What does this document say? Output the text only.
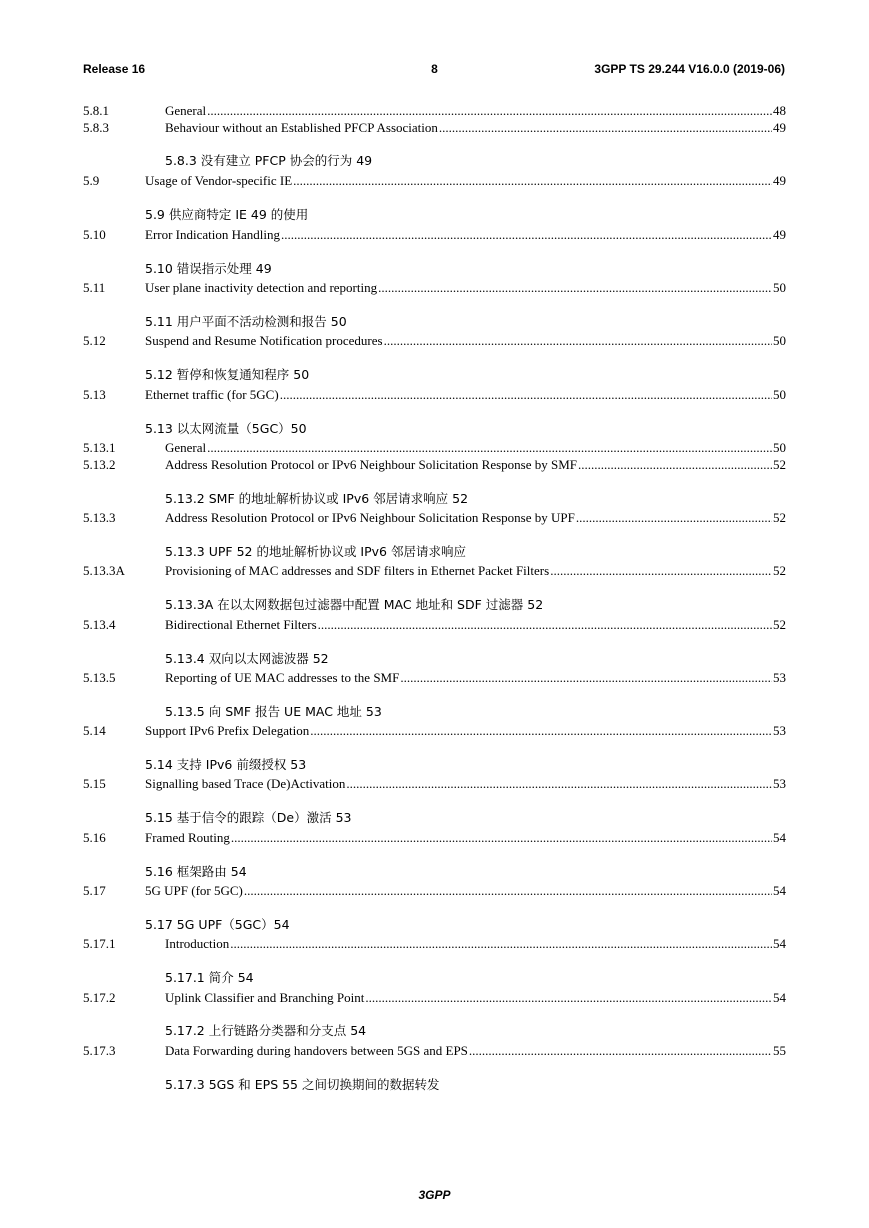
Release 16	8	3GPP TS 29.244 V16.0.0 (2019-06)
5.8.1	General .....	48
5.8.3	Behaviour without an Established PFCP Association .....	49
5.8.3 没有建立 PFCP 协会的行为 49
5.9	Usage of Vendor-specific IE .....	49
5.9 供应商特定 IE 49 的使用
5.10	Error Indication Handling .....	49
5.10 错误指示处理 49
5.11	User plane inactivity detection and reporting .....	50
5.11 用户平面不活动检测和报告 50
5.12	Suspend and Resume Notification procedures .....	50
5.12 暂停和恢复通知程序 50
5.13	Ethernet traffic (for 5GC) .....	50
5.13 以太网流量（5GC）50
5.13.1	General .....	50
5.13.2	Address Resolution Protocol or IPv6 Neighbour Solicitation Response by SMF .....	52
5.13.2 SMF 的地址解析协议或 IPv6 邻居请求响应 52
5.13.3	Address Resolution Protocol or IPv6 Neighbour Solicitation Response by UPF .....	52
5.13.3 UPF 52 的地址解析协议或 IPv6 邻居请求响应
5.13.3A	Provisioning of MAC addresses and SDF filters in Ethernet Packet Filters .....	52
5.13.3A 在以太网数据包过滤器中配置 MAC 地址和 SDF 过滤器 52
5.13.4	Bidirectional Ethernet Filters .....	52
5.13.4 双向以太网滤波器 52
5.13.5	Reporting of UE MAC addresses to the SMF .....	53
5.13.5 向 SMF 报告 UE MAC 地址 53
5.14	Support IPv6 Prefix Delegation .....	53
5.14 支持 IPv6 前缀授权 53
5.15	Signalling based Trace (De)Activation .....	53
5.15 基于信令的跟踪（De）激活 53
5.16	Framed Routing .....	54
5.16 框架路由 54
5.17	5G UPF (for 5GC) .....	54
5.17 5G UPF（5GC）54
5.17.1	Introduction .....	54
5.17.1 简介 54
5.17.2	Uplink Classifier and Branching Point .....	54
5.17.2 上行链路分类器和分支点 54
5.17.3	Data Forwarding during handovers between 5GS and EPS .....	55
5.17.3 5GS 和 EPS 55 之间切换期间的数据转发
3GPP
